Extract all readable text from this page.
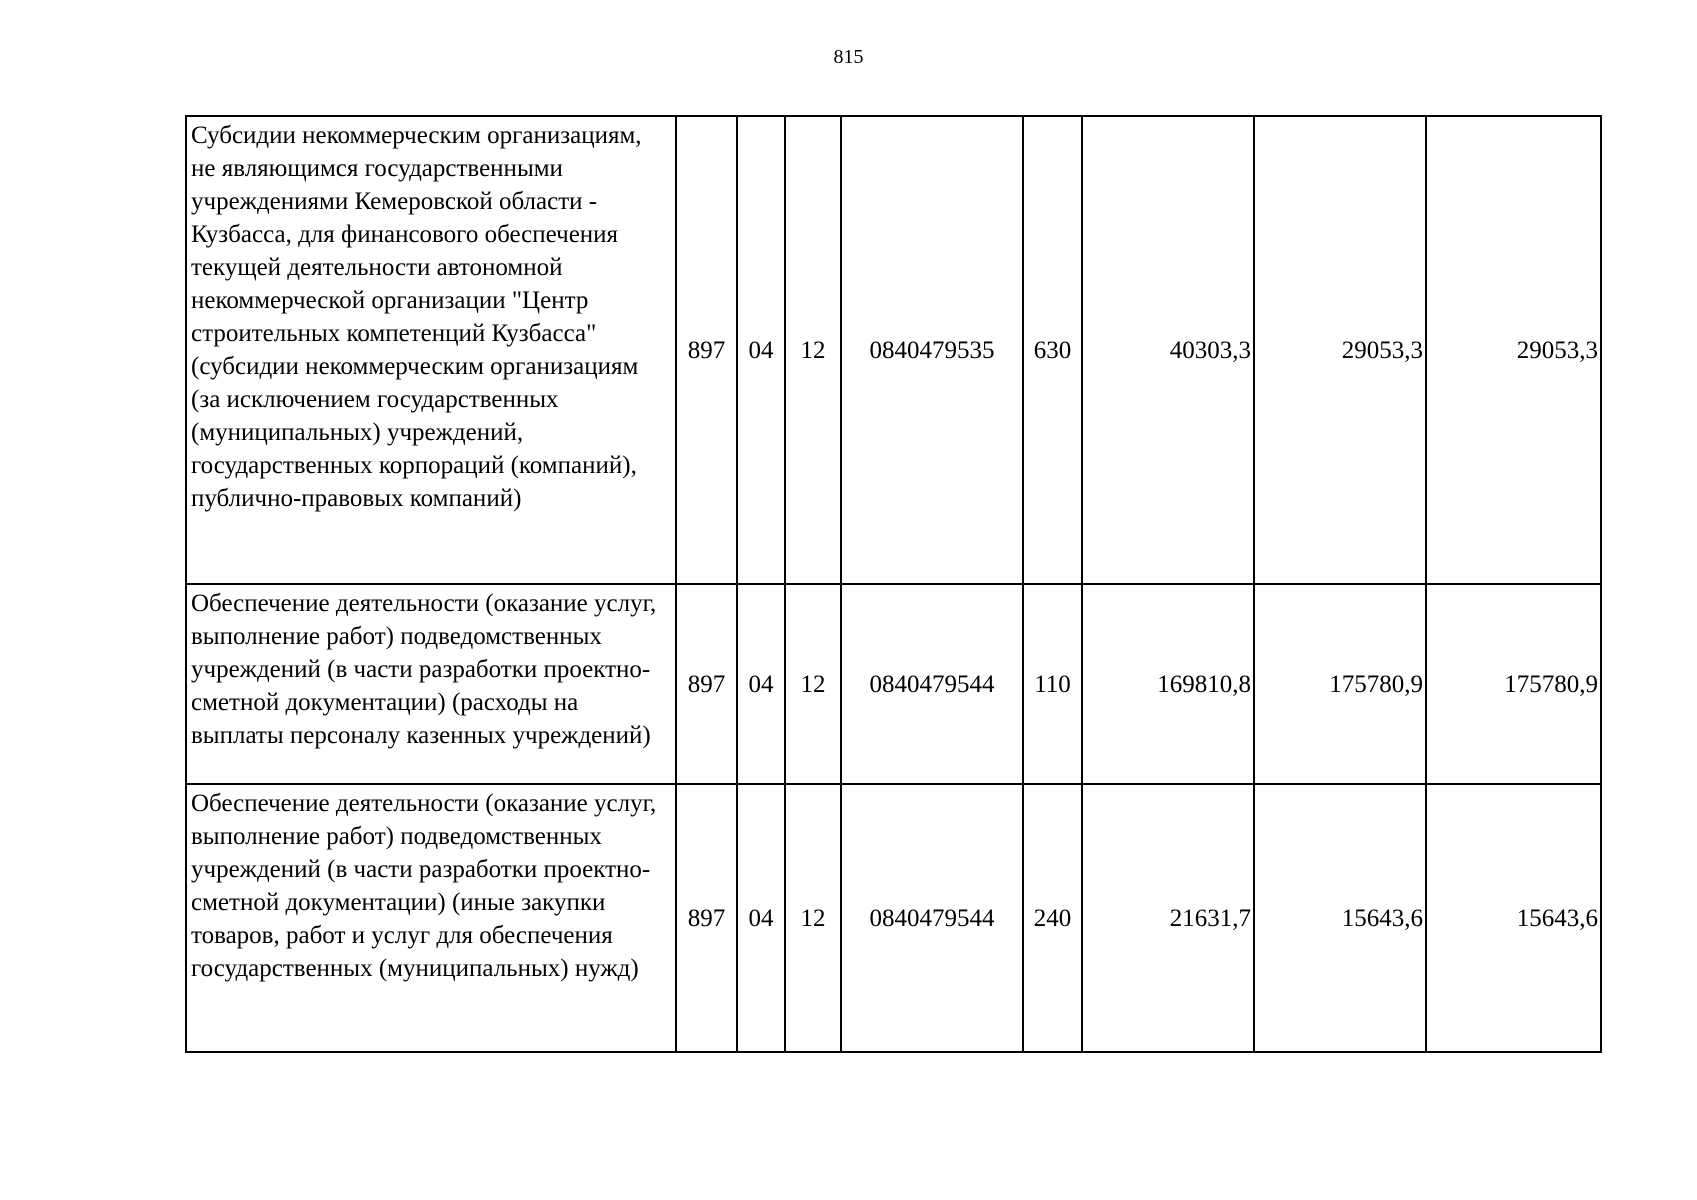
815
Субсидии некоммерческим организациям, не являющимся государственными учреждениями Кемеровской области - Кузбасса, для финансового обеспечения текущей деятельности автономной некоммерческой организации "Центр строительных компетенций Кузбасса" (субсидии некоммерческим организациям (за исключением государственных (муниципальных) учреждений, государственных корпораций (компаний), публично-правовых компаний)	897	04	12	0840479535	630	40303,3	29053,3	29053,3
Обеспечение деятельности (оказание услуг, выполнение работ) подведомственных учреждений (в части разработки проектно-сметной документации) (расходы на выплаты персоналу казенных учреждений)	897	04	12	0840479544	110	169810,8	175780,9	175780,9
Обеспечение деятельности (оказание услуг, выполнение работ) подведомственных учреждений (в части разработки проектно-сметной документации) (иные закупки товаров, работ и услуг для обеспечения государственных (муниципальных) нужд)	897	04	12	0840479544	240	21631,7	15643,6	15643,6
